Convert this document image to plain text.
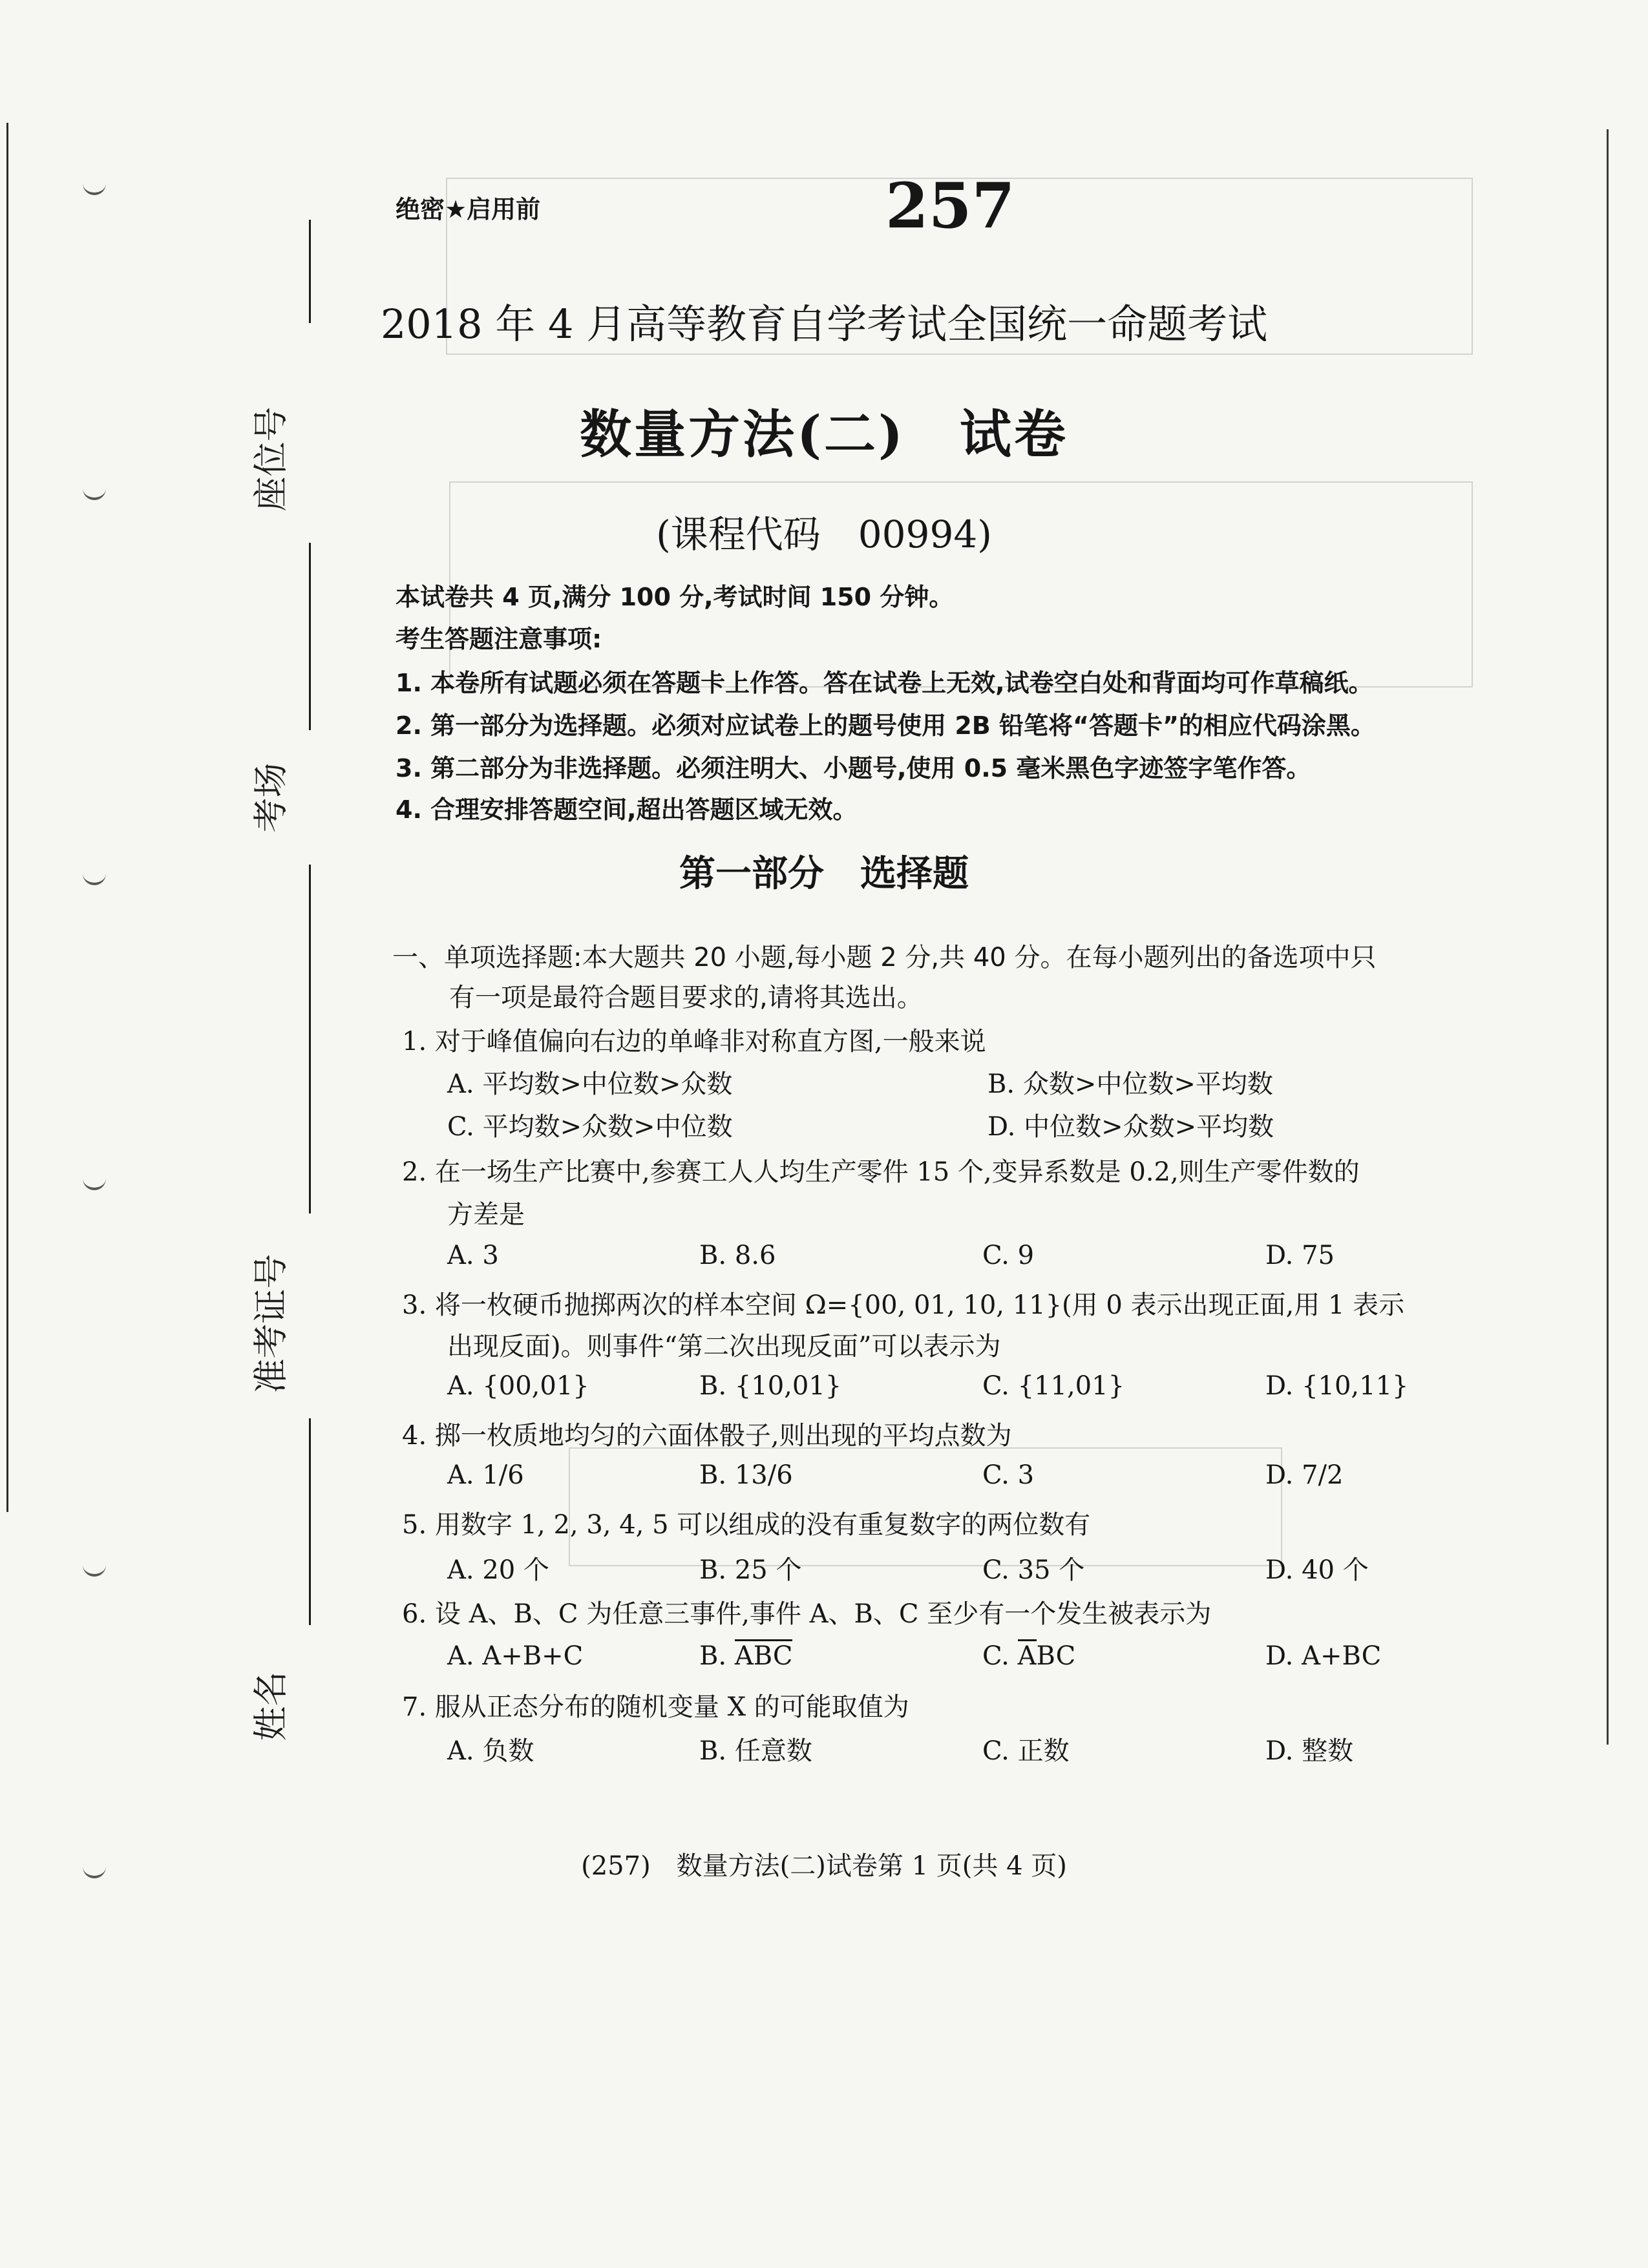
座位号
考场
准考证号
姓名
绝密★启用前	257
2018 年 4 月高等教育自学考试全国统一命题考试
数量方法(二)　试卷
(课程代码　00994)
本试卷共 4 页,满分 100 分,考试时间 150 分钟。
考生答题注意事项:
1. 本卷所有试题必须在答题卡上作答。答在试卷上无效,试卷空白处和背面均可作草稿纸。
2. 第一部分为选择题。必须对应试卷上的题号使用 2B 铅笔将“答题卡”的相应代码涂黑。
3. 第二部分为非选择题。必须注明大、小题号,使用 0.5 毫米黑色字迹签字笔作答。
4. 合理安排答题空间,超出答题区域无效。
第一部分　选择题
一、单项选择题:本大题共 20 小题,每小题 2 分,共 40 分。在每小题列出的备选项中只
有一项是最符合题目要求的,请将其选出。
1. 对于峰值偏向右边的单峰非对称直方图,一般来说
A. 平均数>中位数>众数	B. 众数>中位数>平均数
C. 平均数>众数>中位数	D. 中位数>众数>平均数
2. 在一场生产比赛中,参赛工人人均生产零件 15 个,变异系数是 0.2,则生产零件数的
方差是
A. 3	B. 8.6	C. 9	D. 75
3. 将一枚硬币抛掷两次的样本空间 Ω={00, 01, 10, 11}(用 0 表示出现正面,用 1 表示
出现反面)。则事件“第二次出现反面”可以表示为
A. {00,01}	B. {10,01}	C. {11,01}	D. {10,11}
4. 掷一枚质地均匀的六面体骰子,则出现的平均点数为
A. 1/6	B. 13/6	C. 3	D. 7/2
5. 用数字 1, 2, 3, 4, 5 可以组成的没有重复数字的两位数有
A. 20 个	B. 25 个	C. 35 个	D. 40 个
6. 设 A、B、C 为任意三事件,事件 A、B、C 至少有一个发生被表示为
A. A+B+C	B. ABC	C. ABC	D. A+BC
7. 服从正态分布的随机变量 X 的可能取值为
A. 负数	B. 任意数	C. 正数	D. 整数
(257)　数量方法(二)试卷第 1 页(共 4 页)
